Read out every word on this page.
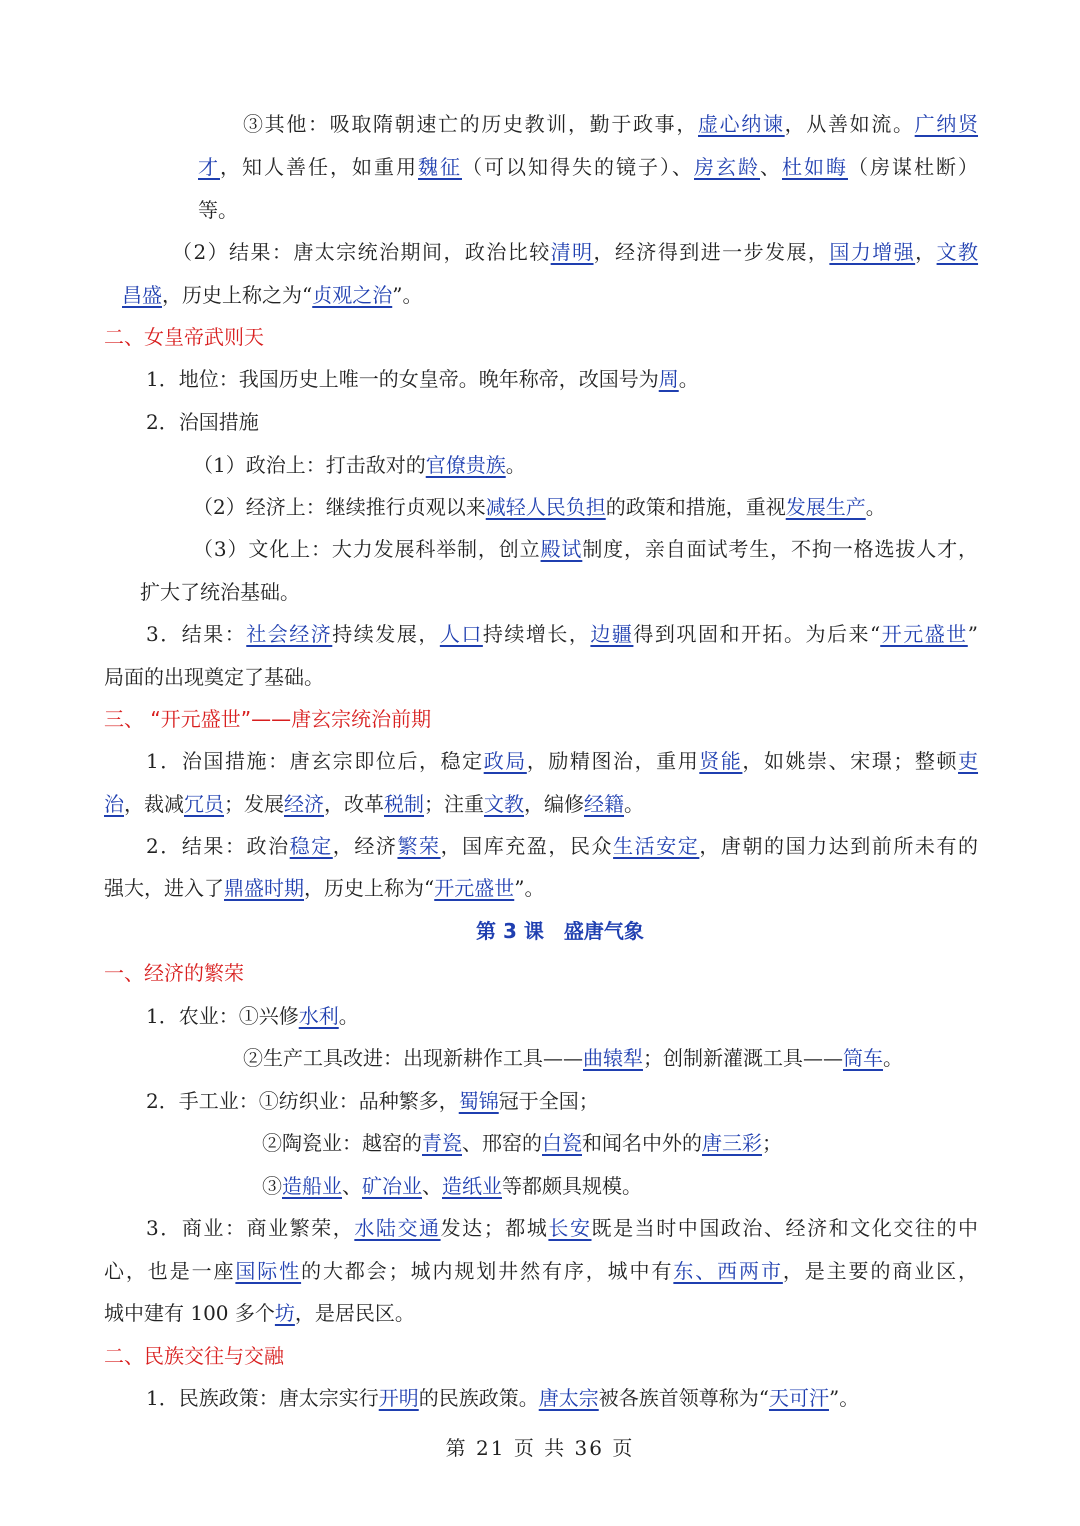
③其他：吸取隋朝速亡的历史教训，勤于政事，虚心纳谏，从善如流。广纳贤
才，知人善任，如重用魏征（可以知得失的镜子）、房玄龄、杜如晦（房谋杜断）
等。
（2）结果：唐太宗统治期间，政治比较清明，经济得到进一步发展，国力增强，文教
昌盛，历史上称之为“贞观之治”。
二、女皇帝武则天
1．地位：我国历史上唯一的女皇帝。晚年称帝，改国号为周。
2．治国措施
（1）政治上：打击敌对的官僚贵族。
（2）经济上：继续推行贞观以来减轻人民负担的政策和措施，重视发展生产。
（3）文化上：大力发展科举制，创立殿试制度，亲自面试考生，不拘一格选拔人才，
扩大了统治基础。
3．结果：社会经济持续发展，人口持续增长，边疆得到巩固和开拓。为后来“开元盛世”
局面的出现奠定了基础。
三、 “开元盛世”——唐玄宗统治前期
1．治国措施：唐玄宗即位后，稳定政局，励精图治，重用贤能，如姚崇、宋璟；整顿吏
治，裁减冗员；发展经济，改革税制；注重文教，编修经籍。
2．结果：政治稳定，经济繁荣，国库充盈，民众生活安定，唐朝的国力达到前所未有的
强大，进入了鼎盛时期，历史上称为“开元盛世”。
第 3 课　盛唐气象
一、经济的繁荣
1．农业：①兴修水利。
②生产工具改进：出现新耕作工具——曲辕犁；创制新灌溉工具——筒车。
2．手工业：①纺织业：品种繁多，蜀锦冠于全国；
②陶瓷业：越窑的青瓷、邢窑的白瓷和闻名中外的唐三彩；
③造船业、矿冶业、造纸业等都颇具规模。
3．商业：商业繁荣，水陆交通发达；都城长安既是当时中国政治、经济和文化交往的中
心，也是一座国际性的大都会；城内规划井然有序，城中有东、西两市，是主要的商业区，
城中建有 100 多个坊，是居民区。
二、民族交往与交融
1．民族政策：唐太宗实行开明的民族政策。唐太宗被各族首领尊称为“天可汗”。
第 21 页 共 36 页
